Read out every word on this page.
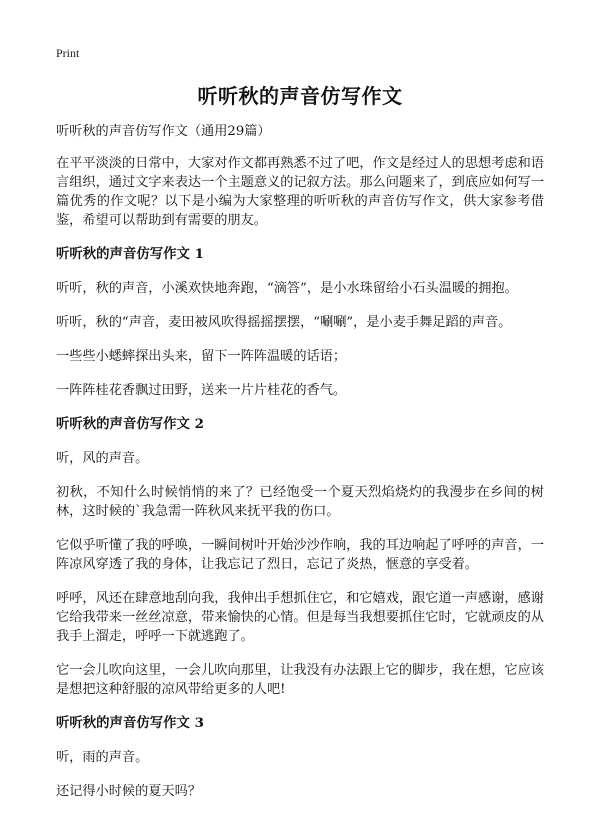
Print
听听秋的声音仿写作文

听听秋的声音仿写作文（通用29篇）

在平平淡淡的日常中，大家对作文都再熟悉不过了吧，作文是经过人的思想考虑和语言组织，通过文字来表达一个主题意义的记叙方法。那么问题来了，到底应如何写一篇优秀的作文呢？以下是小编为大家整理的听听秋的声音仿写作文，供大家参考借鉴，希望可以帮助到有需要的朋友。

听听秋的声音仿写作文 1

听听，秋的声音，小溪欢快地奔跑，“滴答”，是小水珠留给小石头温暖的拥抱。

听听，秋的“声音，麦田被风吹得摇摇摆摆，“唰唰”，是小麦手舞足蹈的声音。

一些些小蟋蟀探出头来，留下一阵阵温暖的话语；

一阵阵桂花香飘过田野，送来一片片桂花的香气。

听听秋的声音仿写作文 2

听，风的声音。

初秋，不知什么时候悄悄的来了？已经饱受一个夏天烈焰烧灼的我漫步在乡间的树林，这时候的`我急需一阵秋风来抚平我的伤口。

它似乎听懂了我的呼唤，一瞬间树叶开始沙沙作响，我的耳边响起了呼呼的声音，一阵凉风穿透了我的身体，让我忘记了烈日，忘记了炎热，惬意的享受着。

呼呼，风还在肆意地刮向我，我伸出手想抓住它，和它嬉戏，跟它道一声感谢，感谢它给我带来一丝丝凉意，带来愉快的心情。但是每当我想要抓住它时，它就顽皮的从我手上溜走，呼呼一下就逃跑了。

它一会儿吹向这里，一会儿吹向那里，让我没有办法跟上它的脚步，我在想，它应该是想把这种舒服的凉风带给更多的人吧!

听听秋的声音仿写作文 3

听，雨的声音。

还记得小时候的夏天吗？
